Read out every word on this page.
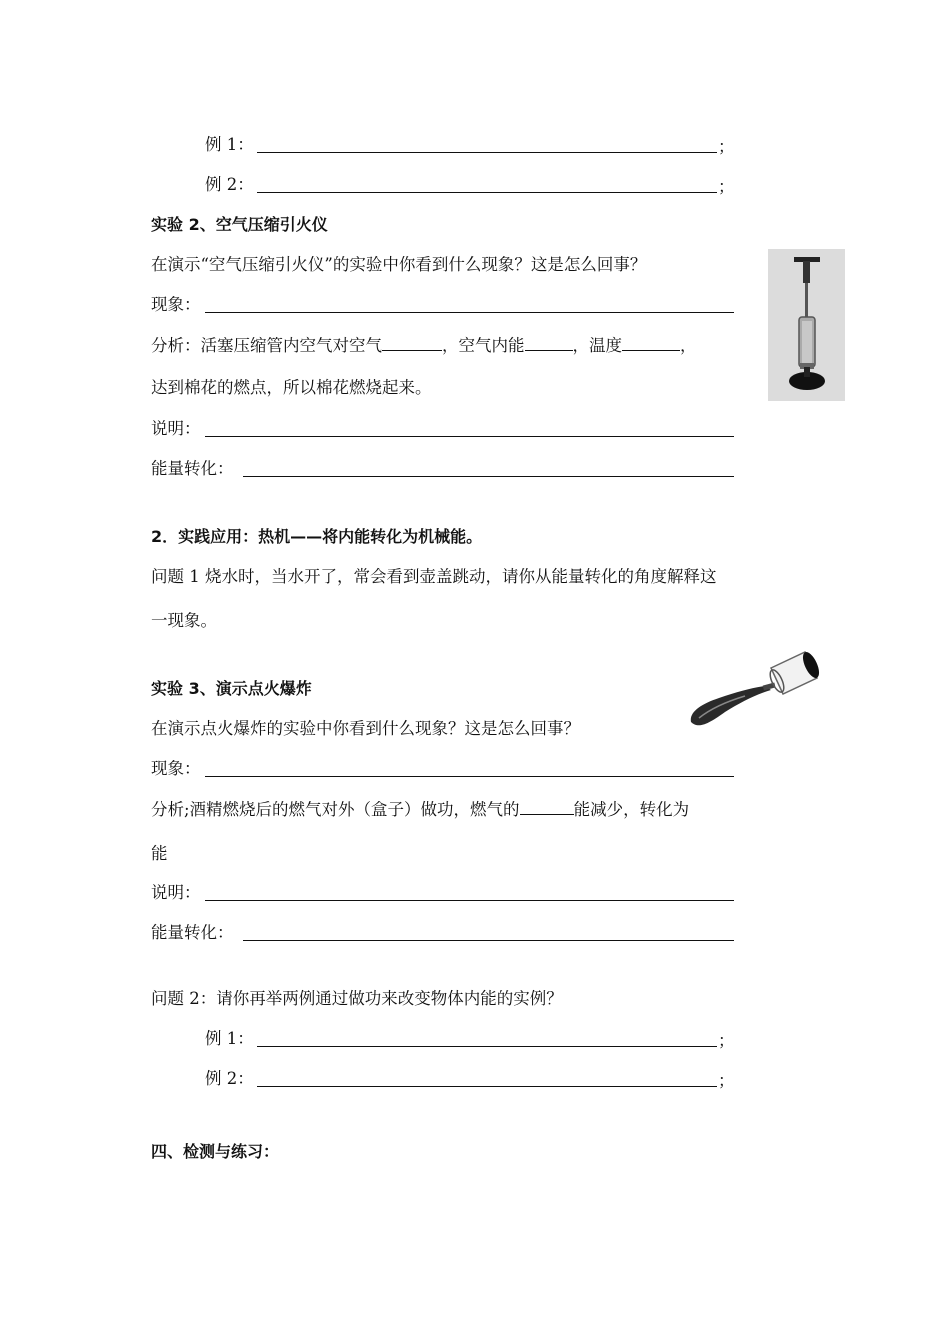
例 1：	；
例 2：	；
实验 2、空气压缩引火仪
在演示“空气压缩引火仪”的实验中你看到什么现象？这是怎么回事？
现象：
分析：活塞压缩管内空气对空气	，空气内能	，温度	，
达到棉花的燃点，所以棉花燃烧起来。
说明：
能量转化：
2．实践应用：热机——将内能转化为机械能。
问题 1 烧水时，当水开了，常会看到壶盖跳动，请你从能量转化的角度解释这
一现象。
实验 3、演示点火爆炸
在演示点火爆炸的实验中你看到什么现象？这是怎么回事？
现象：
分析;酒精燃烧后的燃气对外（盒子）做功，燃气的	能减少，转化为
能
说明：
能量转化：
问题 2：请你再举两例通过做功来改变物体内能的实例？
例 1：	；
例 2：	；
四、检测与练习：
